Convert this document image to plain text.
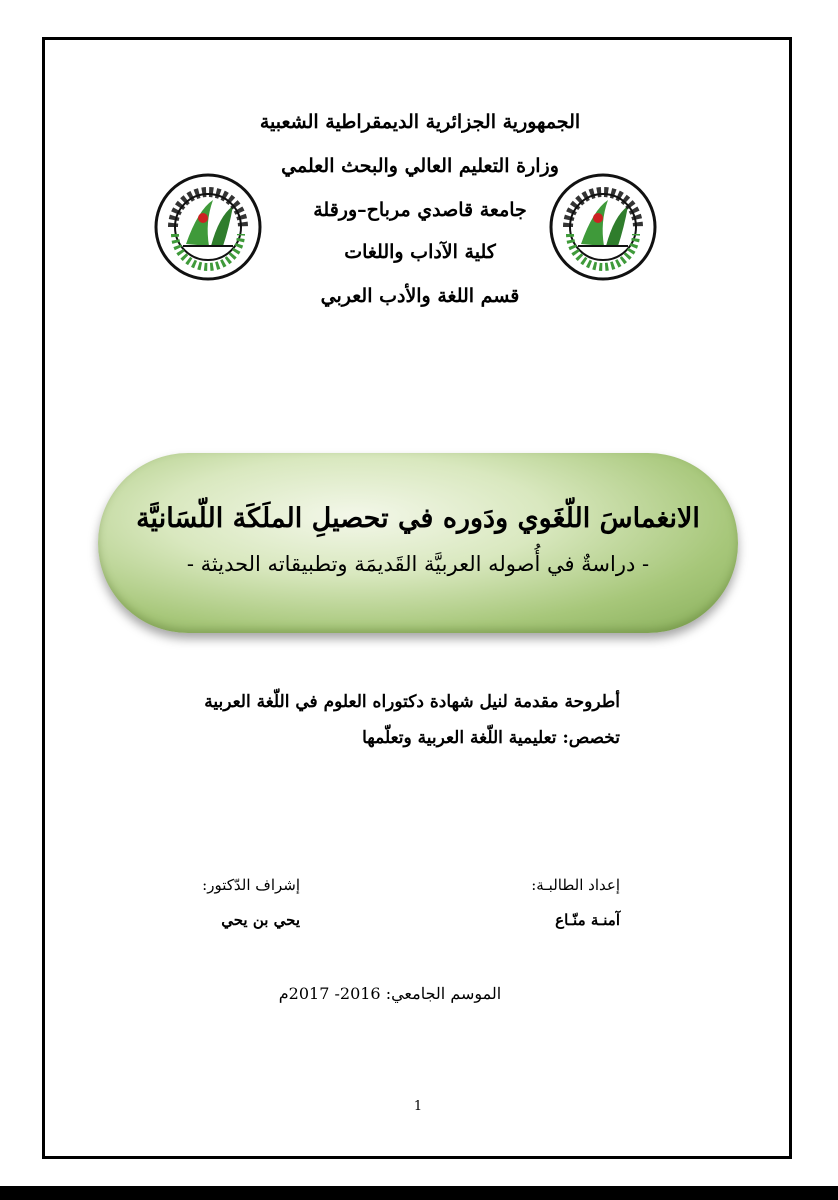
الجمهورية الجزائرية الديمقراطية الشعبية
وزارة التعليم العالي والبحث العلمي
جامعة قاصدي مرباح–ورقلة
كلية الآداب واللغات
قسم اللغة والأدب العربي
الانغماسَ اللّغَوي ودَوره في تحصيلِ الملَكَة اللّسَانيَّة
- دراسةٌ في أُصوله العربيَّة القَديمَة وتطبيقاته الحديثة -
أطروحة مقدمة لنيل شهادة دكتوراه العلوم في اللّغة العربية
تخصص: تعليمية اللّغة العربية وتعلّمها
إعداد الطالبـة:
آمنـة منّـاع
إشراف الدّكتور:
يحي بن يحي
الموسم الجامعي: 2016- 2017م
1
